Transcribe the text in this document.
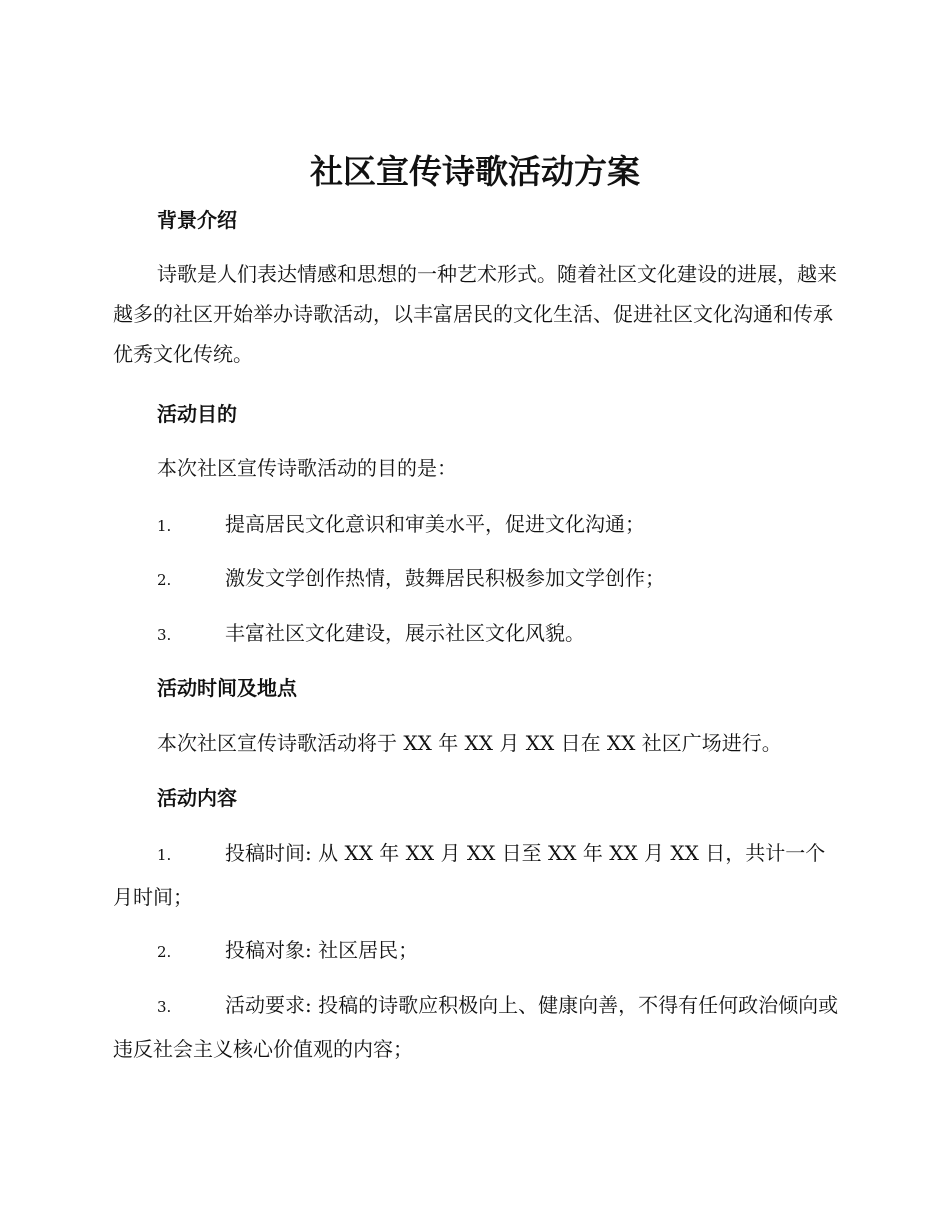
社区宣传诗歌活动方案
背景介绍

诗歌是人们表达情感和思想的一种艺术形式。随着社区文化建设的进展，越来越多的社区开始举办诗歌活动，以丰富居民的文化生活、促进社区文化沟通和传承优秀文化传统。

活动目的

本次社区宣传诗歌活动的目的是：

1.	提高居民文化意识和审美水平，促进文化沟通；

2.	激发文学创作热情，鼓舞居民积极参加文学创作；

3.	丰富社区文化建设，展示社区文化风貌。

活动时间及地点

本次社区宣传诗歌活动将于 XX 年 XX 月 XX 日在 XX 社区广场进行。

活动内容

1.	投稿时间: 从 XX 年 XX 月 XX 日至 XX 年 XX 月 XX 日，共计一个月时间；

2.	投稿对象: 社区居民；

3.	活动要求: 投稿的诗歌应积极向上、健康向善，不得有任何政治倾向或违反社会主义核心价值观的内容；
